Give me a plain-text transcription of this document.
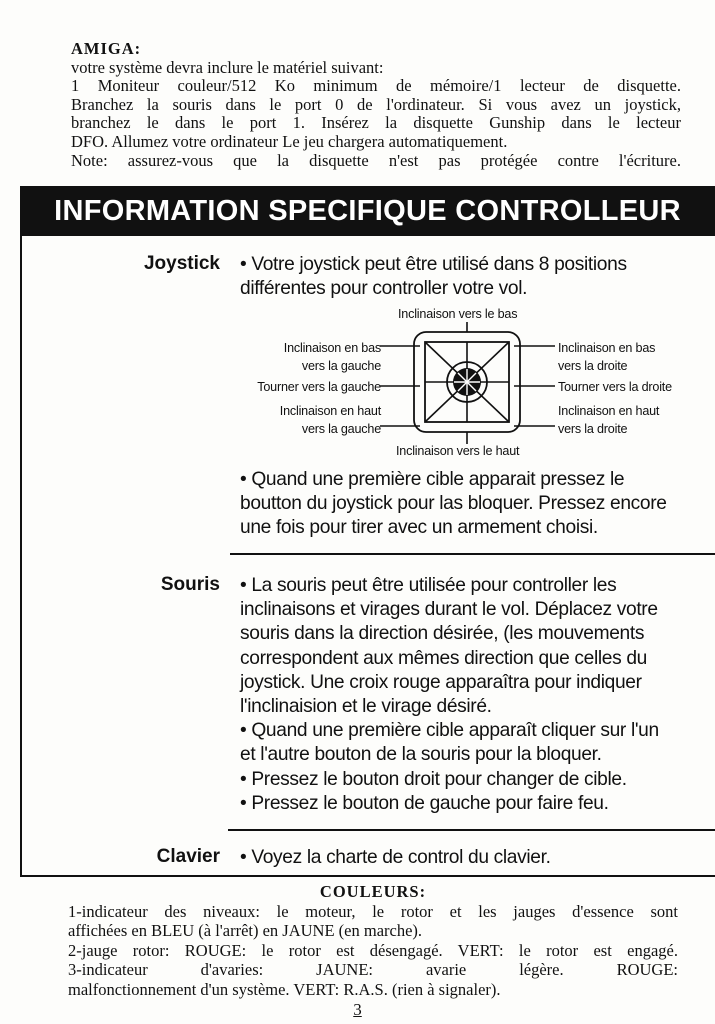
AMIGA:
votre système devra inclure le matériel suivant:
1 Moniteur couleur/512 Ko minimum de mémoire/1 lecteur de disquette.
Branchez la souris dans le port 0 de l'ordinateur. Si vous avez un joystick,
branchez le dans le port 1. Insérez la disquette Gunship dans le lecteur
DFO. Allumez votre ordinateur Le jeu chargera automatiquement.
Note: assurez-vous que la disquette n'est pas protégée contre l'écriture.
INFORMATION SPECIFIQUE CONTROLLEUR
Joystick • Votre joystick peut être utilisé dans 8 positions

différentes pour controller votre vol.

Inclinaison vers le bas
Inclinaison en bas
vers la gauche
Tourner vers la gauche
Inclinaison en haut
vers la gauche
Inclinaison en bas
vers la droite
Tourner vers la droite
Inclinaison en haut
vers la droite
Inclinaison vers le haut

• Quand une première cible apparait pressez le

boutton du joystick pour las bloquer. Pressez encore

une fois pour tirer avec un armement choisi.

Souris • La souris peut être utilisée pour controller les

inclinaisons et virages durant le vol. Déplacez votre

souris dans la direction désirée, (les mouvements

correspondent aux mêmes direction que celles du

joystick. Une croix rouge apparaîtra pour indiquer

l'inclinaision et le virage désiré.

• Quand une première cible apparaît cliquer sur l'un

et l'autre bouton de la souris pour la bloquer.

• Pressez le bouton droit pour changer de cible.

• Pressez le bouton de gauche pour faire feu.

Clavier • Voyez la charte de control du clavier.
COULEURS:
1-indicateur des niveaux: le moteur, le rotor et les jauges d'essence sont
affichées en BLEU (à l'arrêt) en JAUNE (en marche).
2-jauge rotor: ROUGE: le rotor est désengagé. VERT: le rotor est engagé.
3-indicateur d'avaries: JAUNE: avarie légère. ROUGE:
malfonctionnement d'un système. VERT: R.A.S. (rien à signaler).
3
